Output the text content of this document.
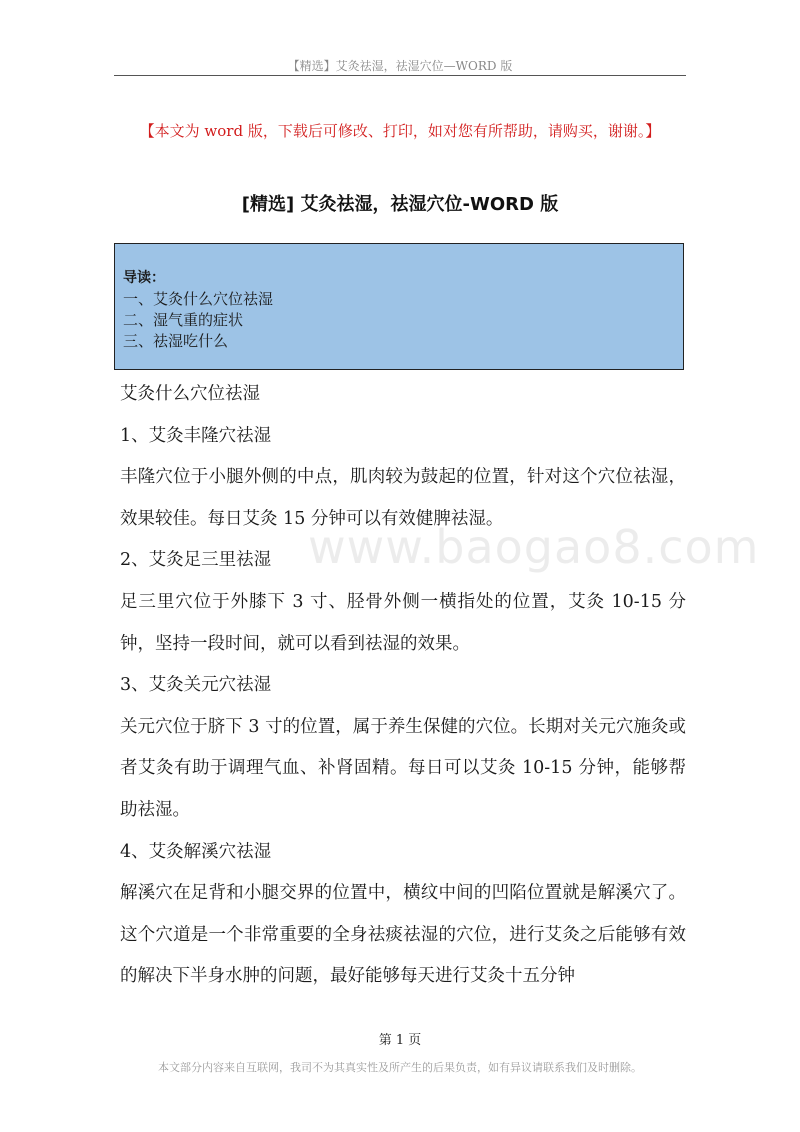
【精选】艾灸祛湿，祛湿穴位—WORD 版
【本文为 word 版，下载后可修改、打印，如对您有所帮助，请购买，谢谢。】
[精选] 艾灸祛湿，祛湿穴位-WORD 版
导读：
一、艾灸什么穴位祛湿
二、湿气重的症状
三、祛湿吃什么
www.baogao8.com

艾灸什么穴位祛湿

1、艾灸丰隆穴祛湿

丰隆穴位于小腿外侧的中点，肌肉较为鼓起的位置，针对这个穴位祛湿，效果较佳。每日艾灸 15 分钟可以有效健脾祛湿。

2、艾灸足三里祛湿

足三里穴位于外膝下 3 寸、胫骨外侧一横指处的位置，艾灸 10-15 分钟，坚持一段时间，就可以看到祛湿的效果。

3、艾灸关元穴祛湿

关元穴位于脐下 3 寸的位置，属于养生保健的穴位。长期对关元穴施灸或者艾灸有助于调理气血、补肾固精。每日可以艾灸 10-15 分钟，能够帮助祛湿。

4、艾灸解溪穴祛湿

解溪穴在足背和小腿交界的位置中，横纹中间的凹陷位置就是解溪穴了。这个穴道是一个非常重要的全身祛痰祛湿的穴位，进行艾灸之后能够有效的解决下半身水肿的问题，最好能够每天进行艾灸十五分钟

第 1 页
本文部分内容来自互联网，我司不为其真实性及所产生的后果负责，如有异议请联系我们及时删除。
